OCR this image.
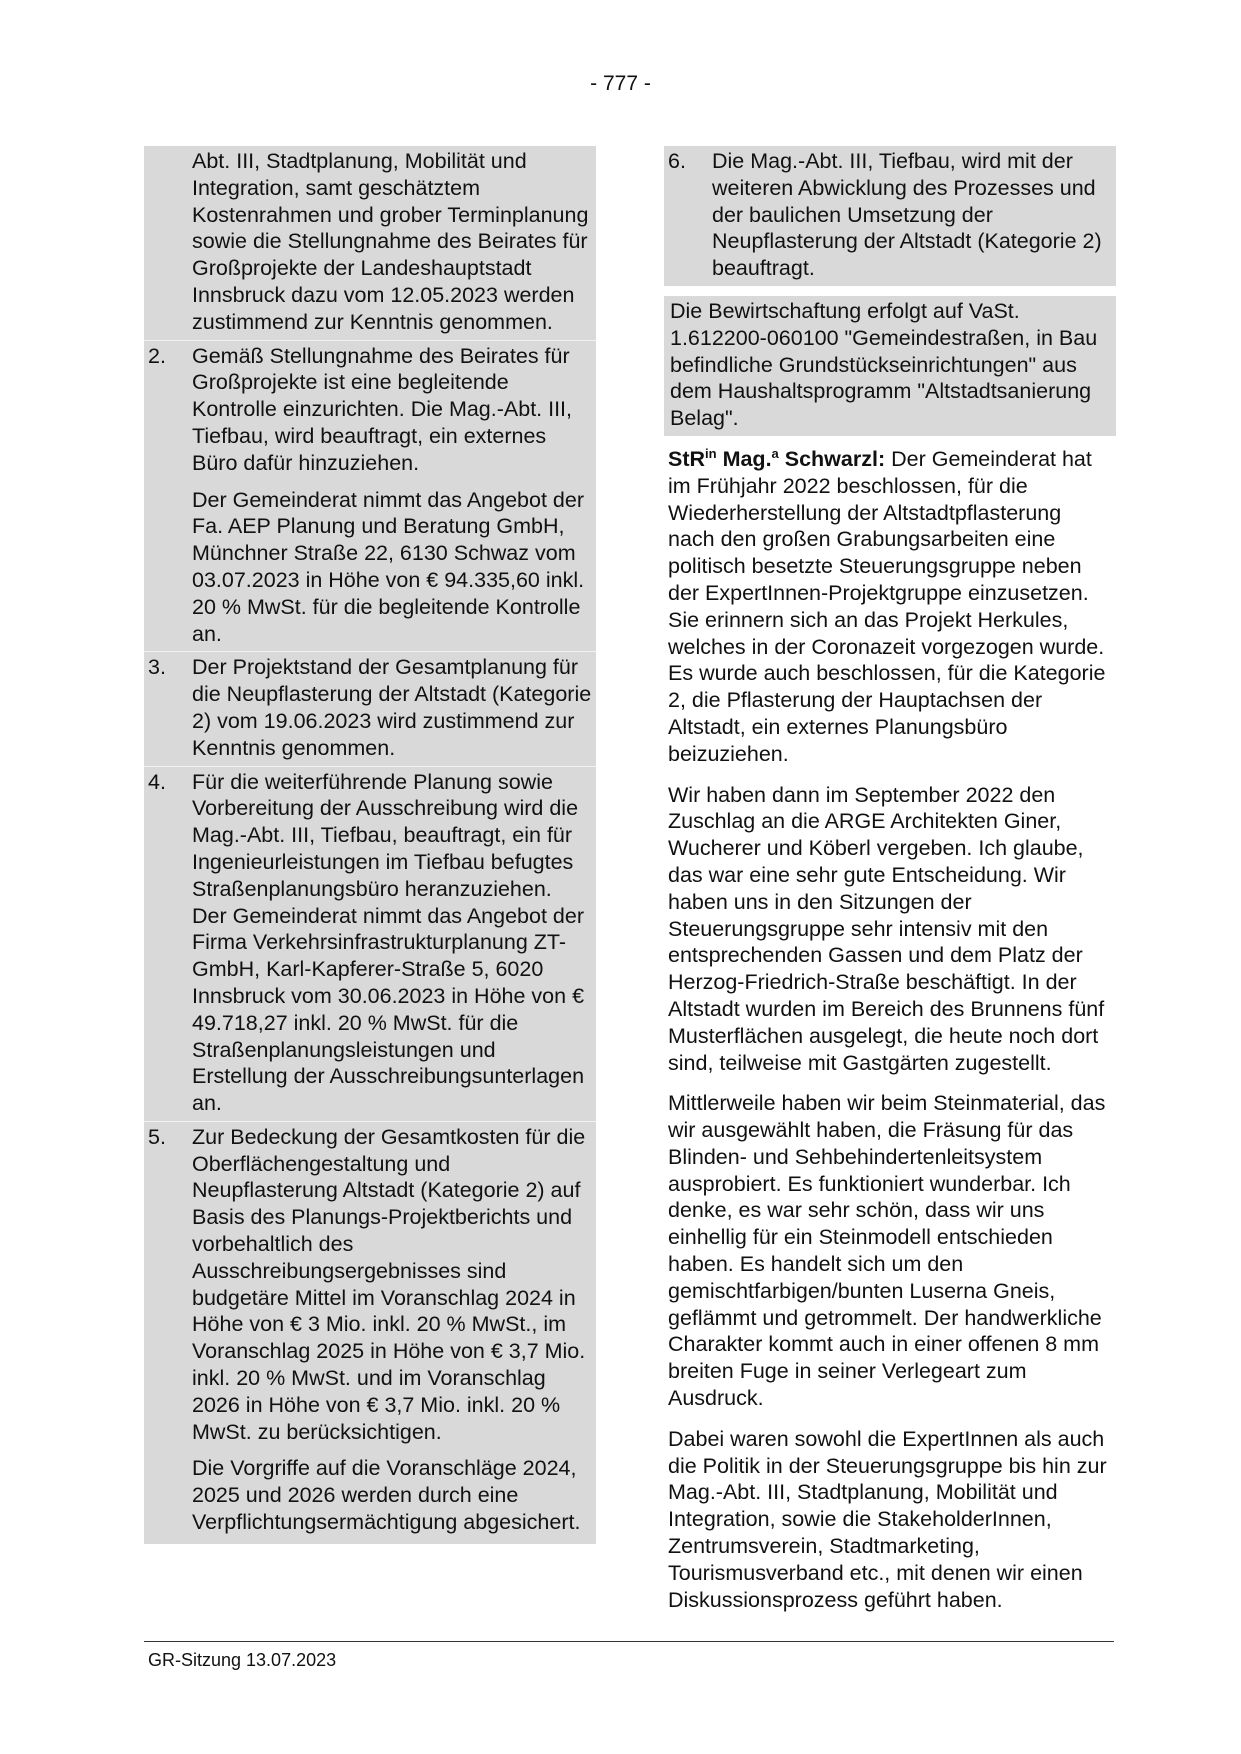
- 777 -
Abt. III, Stadtplanung, Mobilität und Integration, samt geschätztem Kostenrahmen und grober Terminplanung sowie die Stellungnahme des Beirates für Großprojekte der Landeshauptstadt Innsbruck dazu vom 12.05.2023 werden zustimmend zur Kenntnis genommen.
2. Gemäß Stellungnahme des Beirates für Großprojekte ist eine begleitende Kontrolle einzurichten. Die Mag.-Abt. III, Tiefbau, wird beauftragt, ein externes Büro dafür hinzuziehen.
Der Gemeinderat nimmt das Angebot der Fa. AEP Planung und Beratung GmbH, Münchner Straße 22, 6130 Schwaz vom 03.07.2023 in Höhe von € 94.335,60 inkl. 20 % MwSt. für die begleitende Kontrolle an.
3. Der Projektstand der Gesamtplanung für die Neupflasterung der Altstadt (Kategorie 2) vom 19.06.2023 wird zustimmend zur Kenntnis genommen.
4. Für die weiterführende Planung sowie Vorbereitung der Ausschreibung wird die Mag.-Abt. III, Tiefbau, beauftragt, ein für Ingenieurleistungen im Tiefbau befugtes Straßenplanungsbüro heranzuziehen. Der Gemeinderat nimmt das Angebot der Firma Verkehrsinfrastrukturplanung ZT-GmbH, Karl-Kapferer-Straße 5, 6020 Innsbruck vom 30.06.2023 in Höhe von € 49.718,27 inkl. 20 % MwSt. für die Straßenplanungsleistungen und Erstellung der Ausschreibungsunterlagen an.
5. Zur Bedeckung der Gesamtkosten für die Oberflächengestaltung und Neupflasterung Altstadt (Kategorie 2) auf Basis des Planungs-Projektberichts und vorbehaltlich des Ausschreibungsergebnisses sind budgetäre Mittel im Voranschlag 2024 in Höhe von € 3 Mio. inkl. 20 % MwSt., im Voranschlag 2025 in Höhe von € 3,7 Mio. inkl. 20 % MwSt. und im Voranschlag 2026 in Höhe von € 3,7 Mio. inkl. 20 % MwSt. zu berücksichtigen.
Die Vorgriffe auf die Voranschläge 2024, 2025 und 2026 werden durch eine Verpflichtungsermächtigung abgesichert.
6. Die Mag.-Abt. III, Tiefbau, wird mit der weiteren Abwicklung des Prozesses und der baulichen Umsetzung der Neupflasterung der Altstadt (Kategorie 2) beauftragt.
Die Bewirtschaftung erfolgt auf VaSt. 1.612200-060100 "Gemeindestraßen, in Bau befindliche Grundstückseinrichtungen" aus dem Haushaltsprogramm "Altstadtsanierung Belag".

StR$^{in}$ Mag.$^a$ Schwarzl: Der Gemeinderat hat im Frühjahr 2022 beschlossen, für die Wiederherstellung der Altstadtpflasterung nach den großen Grabungsarbeiten eine politisch besetzte Steuerungsgruppe neben der ExpertInnen-Projektgruppe einzusetzen. Sie erinnern sich an das Projekt Herkules, welches in der Coronazeit vorgezogen wurde. Es wurde auch beschlossen, für die Kategorie 2, die Pflasterung der Hauptachsen der Altstadt, ein externes Planungsbüro beizuziehen.

Wir haben dann im September 2022 den Zuschlag an die ARGE Architekten Giner, Wucherer und Köberl vergeben. Ich glaube, das war eine sehr gute Entscheidung. Wir haben uns in den Sitzungen der Steuerungsgruppe sehr intensiv mit den entsprechenden Gassen und dem Platz der Herzog-Friedrich-Straße beschäftigt. In der Altstadt wurden im Bereich des Brunnens fünf Musterflächen ausgelegt, die heute noch dort sind, teilweise mit Gastgärten zugestellt.

Mittlerweile haben wir beim Steinmaterial, das wir ausgewählt haben, die Fräsung für das Blinden- und Sehbehindertenleitsystem ausprobiert. Es funktioniert wunderbar. Ich denke, es war sehr schön, dass wir uns einhellig für ein Steinmodell entschieden haben. Es handelt sich um den gemischtfarbigen/bunten Luserna Gneis, geflämmt und getrommelt. Der handwerkliche Charakter kommt auch in einer offenen 8 mm breiten Fuge in seiner Verlegeart zum Ausdruck.

Dabei waren sowohl die ExpertInnen als auch die Politik in der Steuerungsgruppe bis hin zur Mag.-Abt. III, Stadtplanung, Mobilität und Integration, sowie die StakeholderInnen, Zentrumsverein, Stadtmarketing, Tourismusverband etc., mit denen wir einen Diskussionsprozess geführt haben.

GR-Sitzung 13.07.2023
